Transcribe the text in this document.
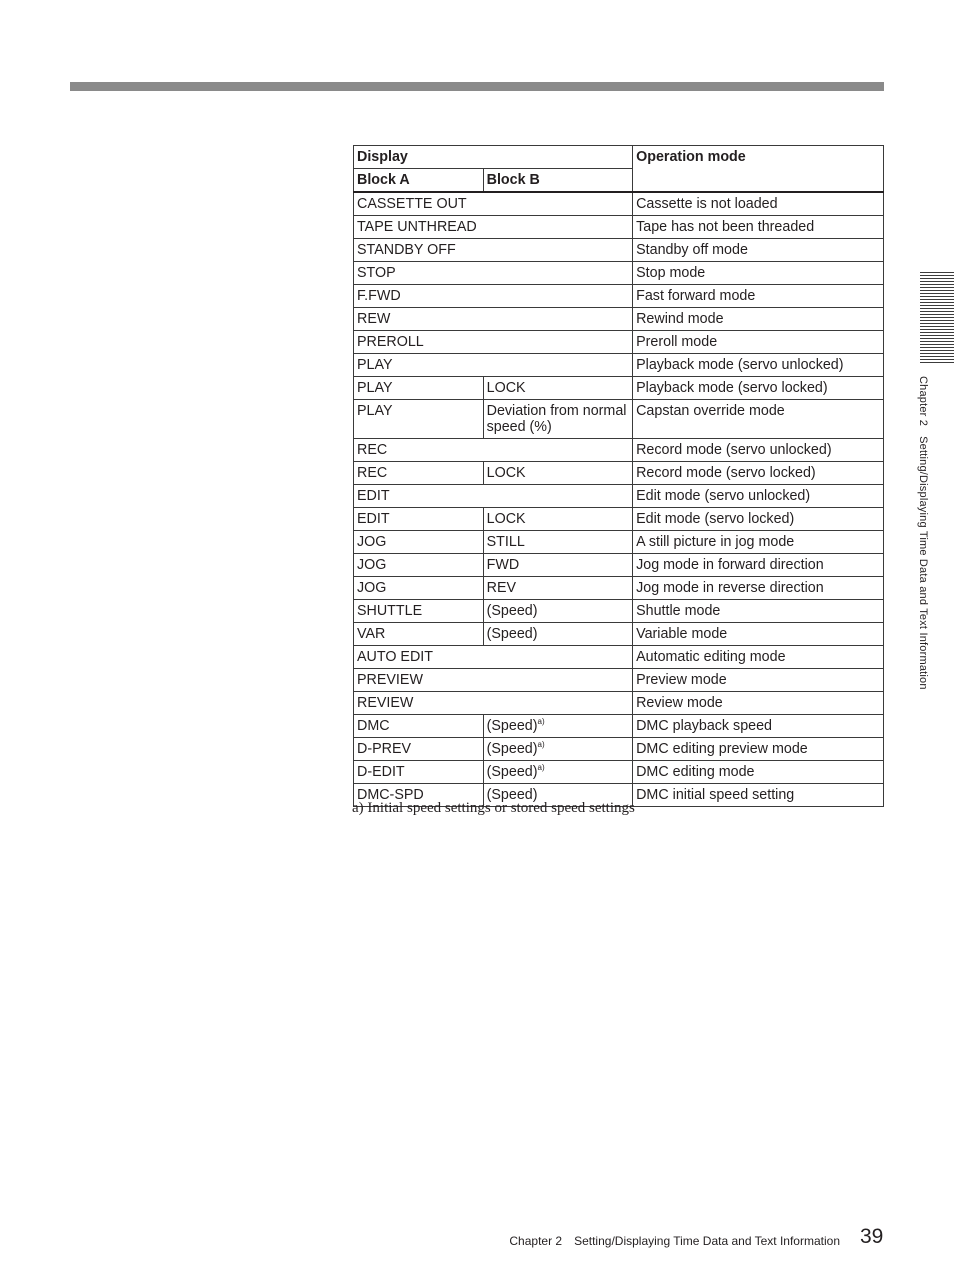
Display		Operation mode
Block A	Block B	
CASSETTE OUT		Cassette is not loaded
TAPE UNTHREAD		Tape has not been threaded
STANDBY OFF		Standby off mode
STOP		Stop mode
F.FWD		Fast forward mode
REW		Rewind mode
PREROLL		Preroll mode
PLAY		Playback mode (servo unlocked)
PLAY	LOCK	Playback mode (servo locked)
PLAY	Deviation from normal speed (%)	Capstan override mode
REC		Record mode (servo unlocked)
REC	LOCK	Record mode (servo locked)
EDIT		Edit mode (servo unlocked)
EDIT	LOCK	Edit mode (servo locked)
JOG	STILL	A still picture in jog mode
JOG	FWD	Jog mode in forward direction
JOG	REV	Jog mode in reverse direction
SHUTTLE	(Speed)	Shuttle mode
VAR	(Speed)	Variable mode
AUTO EDIT		Automatic editing mode
PREVIEW		Preview mode
REVIEW		Review mode
DMC	(Speed)$^{a)}$	DMC playback speed
D-PREV	(Speed)$^{a)}$	DMC editing preview mode
D-EDIT	(Speed)$^{a)}$	DMC editing mode
DMC-SPD	(Speed)	DMC initial speed setting
a) Initial speed settings or stored speed settings
Chapter 2Setting/Displaying Time Data and Text Information
Chapter 2 Setting/Displaying Time Data and Text Information 39
